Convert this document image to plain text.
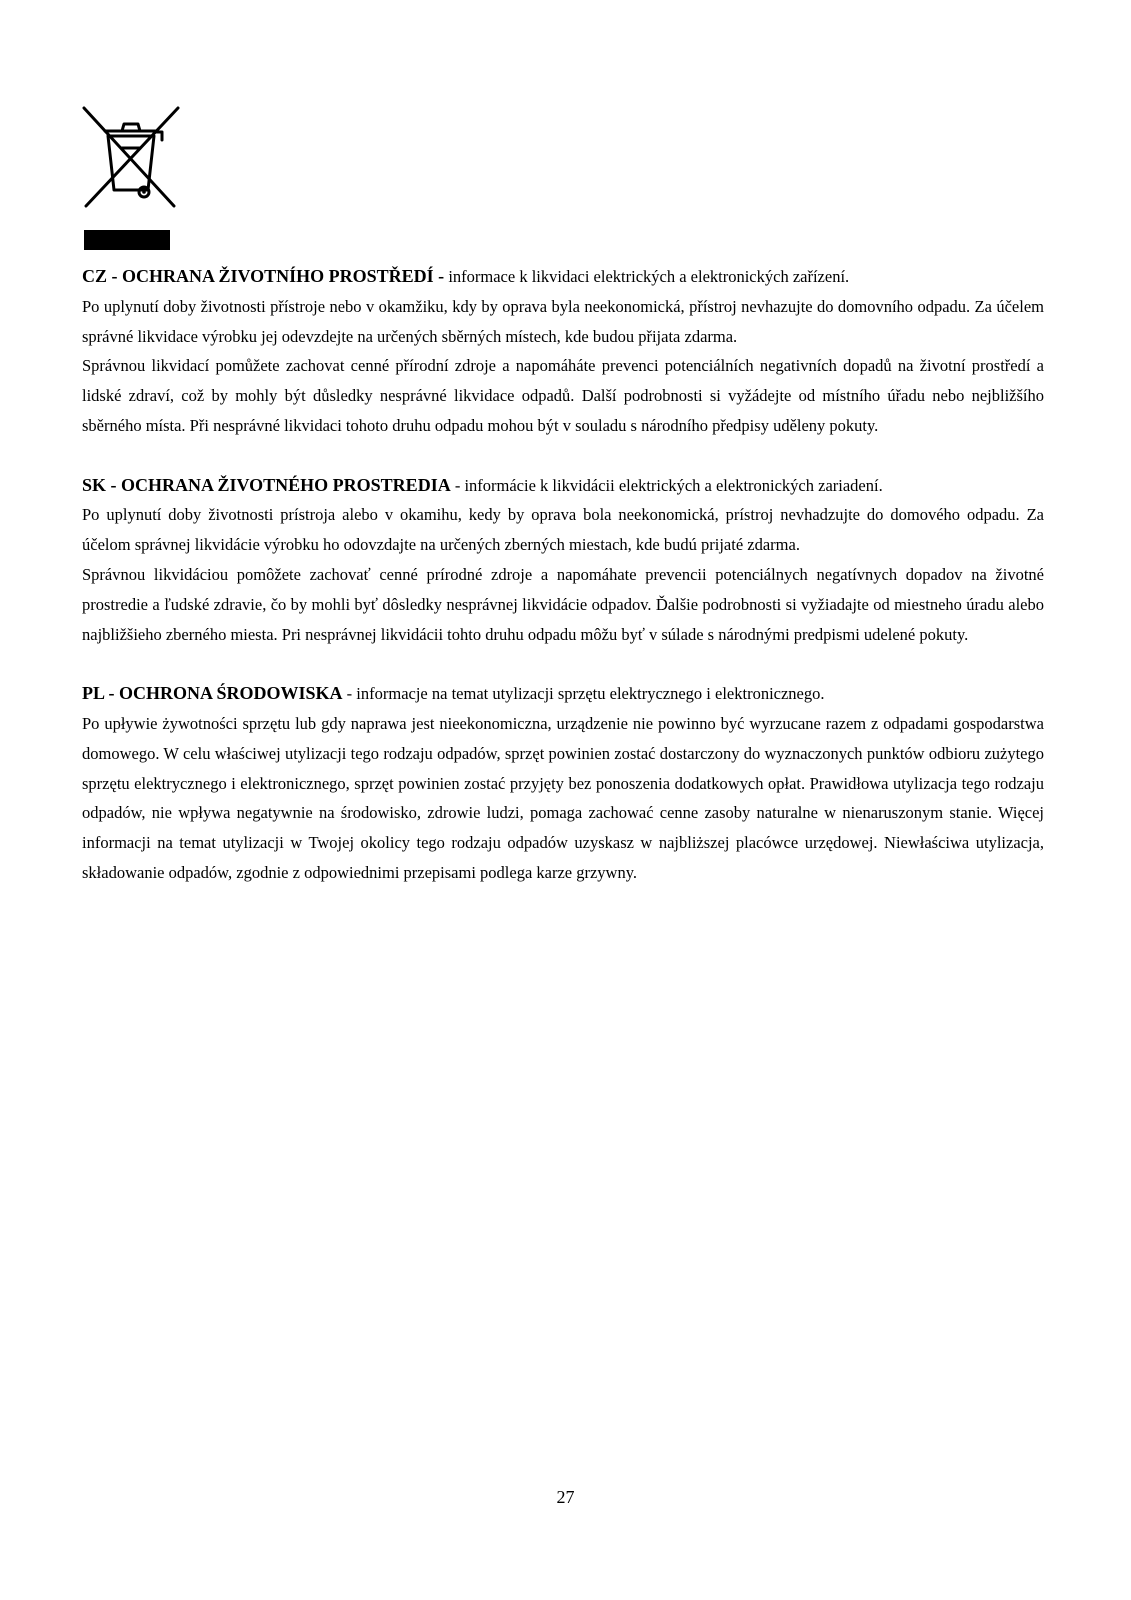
CZ - OCHRANA ŽIVOTNÍHO PROSTŘEDÍ - informace k likvidaci elektrických a elektronických zařízení.

Po uplynutí doby životnosti přístroje nebo v okamžiku, kdy by oprava byla neekonomická, přístroj nevhazujte do domovního odpadu. Za účelem správné likvidace výrobku jej odevzdejte na určených sběrných místech, kde budou přijata zdarma.

Správnou likvidací pomůžete zachovat cenné přírodní zdroje a napomáháte prevenci potenciálních negativních dopadů na životní prostředí a lidské zdraví, což by mohly být důsledky nesprávné likvidace odpadů. Další podrobnosti si vyžádejte od místního úřadu nebo nejbližšího sběrného místa. Při nesprávné likvidaci tohoto druhu odpadu mohou být v souladu s národního předpisy uděleny pokuty.

SK - OCHRANA ŽIVOTNÉHO PROSTREDIA - informácie k likvidácii elektrických a elektronických zariadení.

Po uplynutí doby životnosti prístroja alebo v okamihu, kedy by oprava bola neekonomická, prístroj nevhadzujte do domového odpadu. Za účelom správnej likvidácie výrobku ho odovzdajte na určených zberných miestach, kde budú prijaté zdarma.

Správnou likvidáciou pomôžete zachovať cenné prírodné zdroje a napomáhate prevencii potenciálnych negatívnych dopadov na životné prostredie a ľudské zdravie, čo by mohli byť dôsledky nesprávnej likvidácie odpadov. Ďalšie podrobnosti si vyžiadajte od miestneho úradu alebo najbližšieho zberného miesta. Pri nesprávnej likvidácii tohto druhu odpadu môžu byť v súlade s národnými predpismi udelené pokuty.

PL - OCHRONA ŚRODOWISKA - informacje na temat utylizacji sprzętu elektrycznego i elektronicznego.

Po upływie żywotności sprzętu lub gdy naprawa jest nieekonomiczna, urządzenie nie powinno być wyrzucane razem z odpadami gospodarstwa domowego. W celu właściwej utylizacji tego rodzaju odpadów, sprzęt powinien zostać dostarczony do wyznaczonych punktów odbioru zużytego sprzętu elektrycznego i elektronicznego, sprzęt powinien zostać przyjęty bez ponoszenia dodatkowych opłat. Prawidłowa utylizacja tego rodzaju odpadów, nie wpływa negatywnie na środowisko, zdrowie ludzi, pomaga zachować cenne zasoby naturalne w nienaruszonym stanie. Więcej informacji na temat utylizacji w Twojej okolicy tego rodzaju odpadów uzyskasz w najbliższej placówce urzędowej. Niewłaściwa utylizacja, składowanie odpadów, zgodnie z odpowiednimi przepisami podlega karze grzywny.

27
